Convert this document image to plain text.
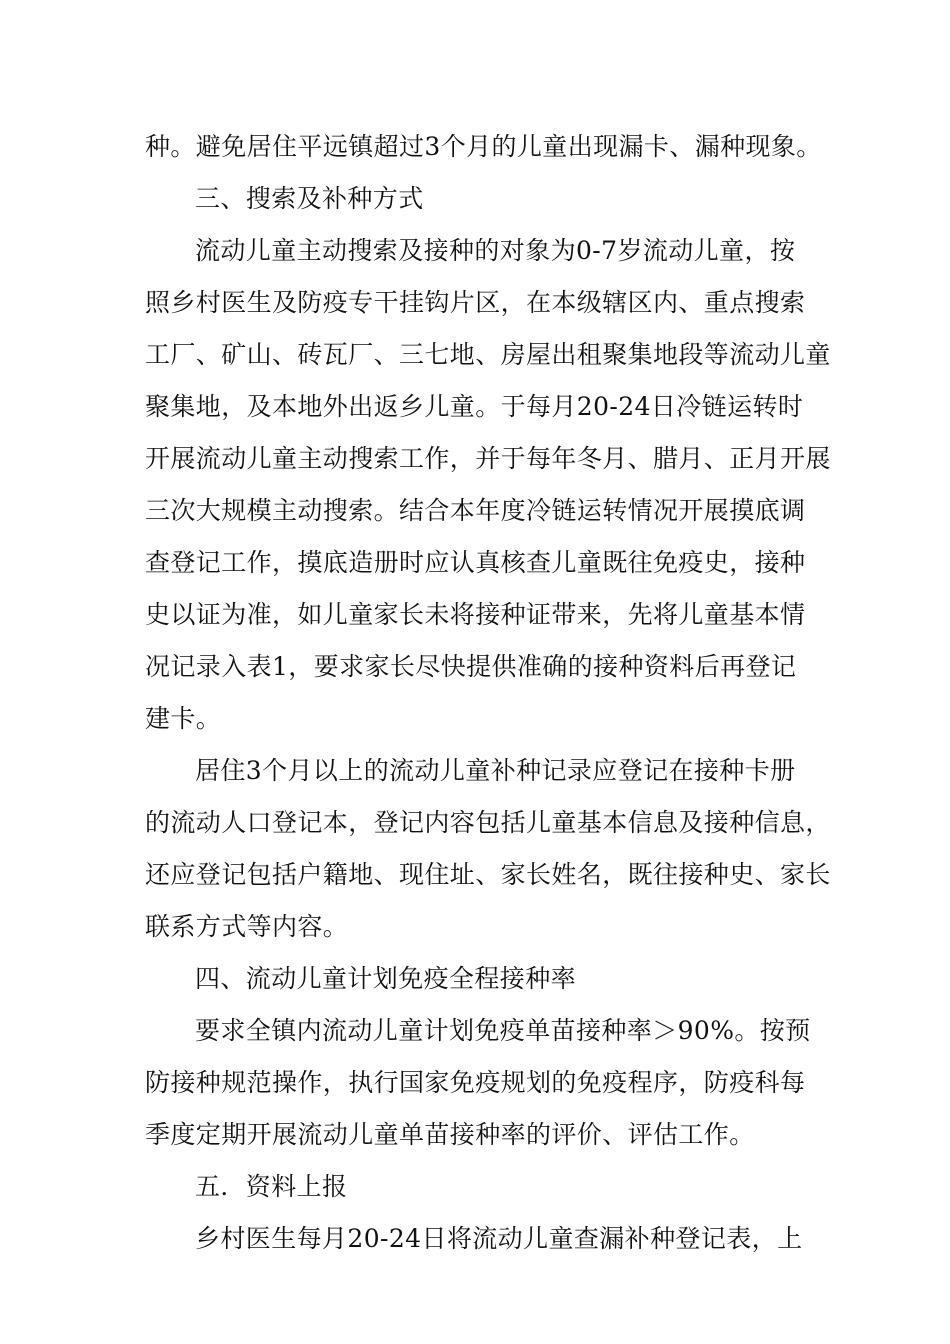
种。避免居住平远镇超过3个月的儿童出现漏卡、漏种现象。
三、搜索及补种方式
流动儿童主动搜索及接种的对象为0-7岁流动儿童，按
照乡村医生及防疫专干挂钩片区，在本级辖区内、重点搜索
工厂、矿山、砖瓦厂、三七地、房屋出租聚集地段等流动儿童
聚集地，及本地外出返乡儿童。于每月20-24日冷链运转时
开展流动儿童主动搜索工作，并于每年冬月、腊月、正月开展
三次大规模主动搜索。结合本年度冷链运转情况开展摸底调
查登记工作，摸底造册时应认真核查儿童既往免疫史，接种
史以证为准，如儿童家长未将接种证带来，先将儿童基本情
况记录入表1，要求家长尽快提供准确的接种资料后再登记
建卡。
居住3个月以上的流动儿童补种记录应登记在接种卡册
的流动人口登记本，登记内容包括儿童基本信息及接种信息，
还应登记包括户籍地、现住址、家长姓名，既往接种史、家长
联系方式等内容。
四、流动儿童计划免疫全程接种率
要求全镇内流动儿童计划免疫单苗接种率＞90%。按预
防接种规范操作，执行国家免疫规划的免疫程序，防疫科每
季度定期开展流动儿童单苗接种率的评价、评估工作。
五．资料上报
乡村医生每月20-24日将流动儿童查漏补种登记表，上
